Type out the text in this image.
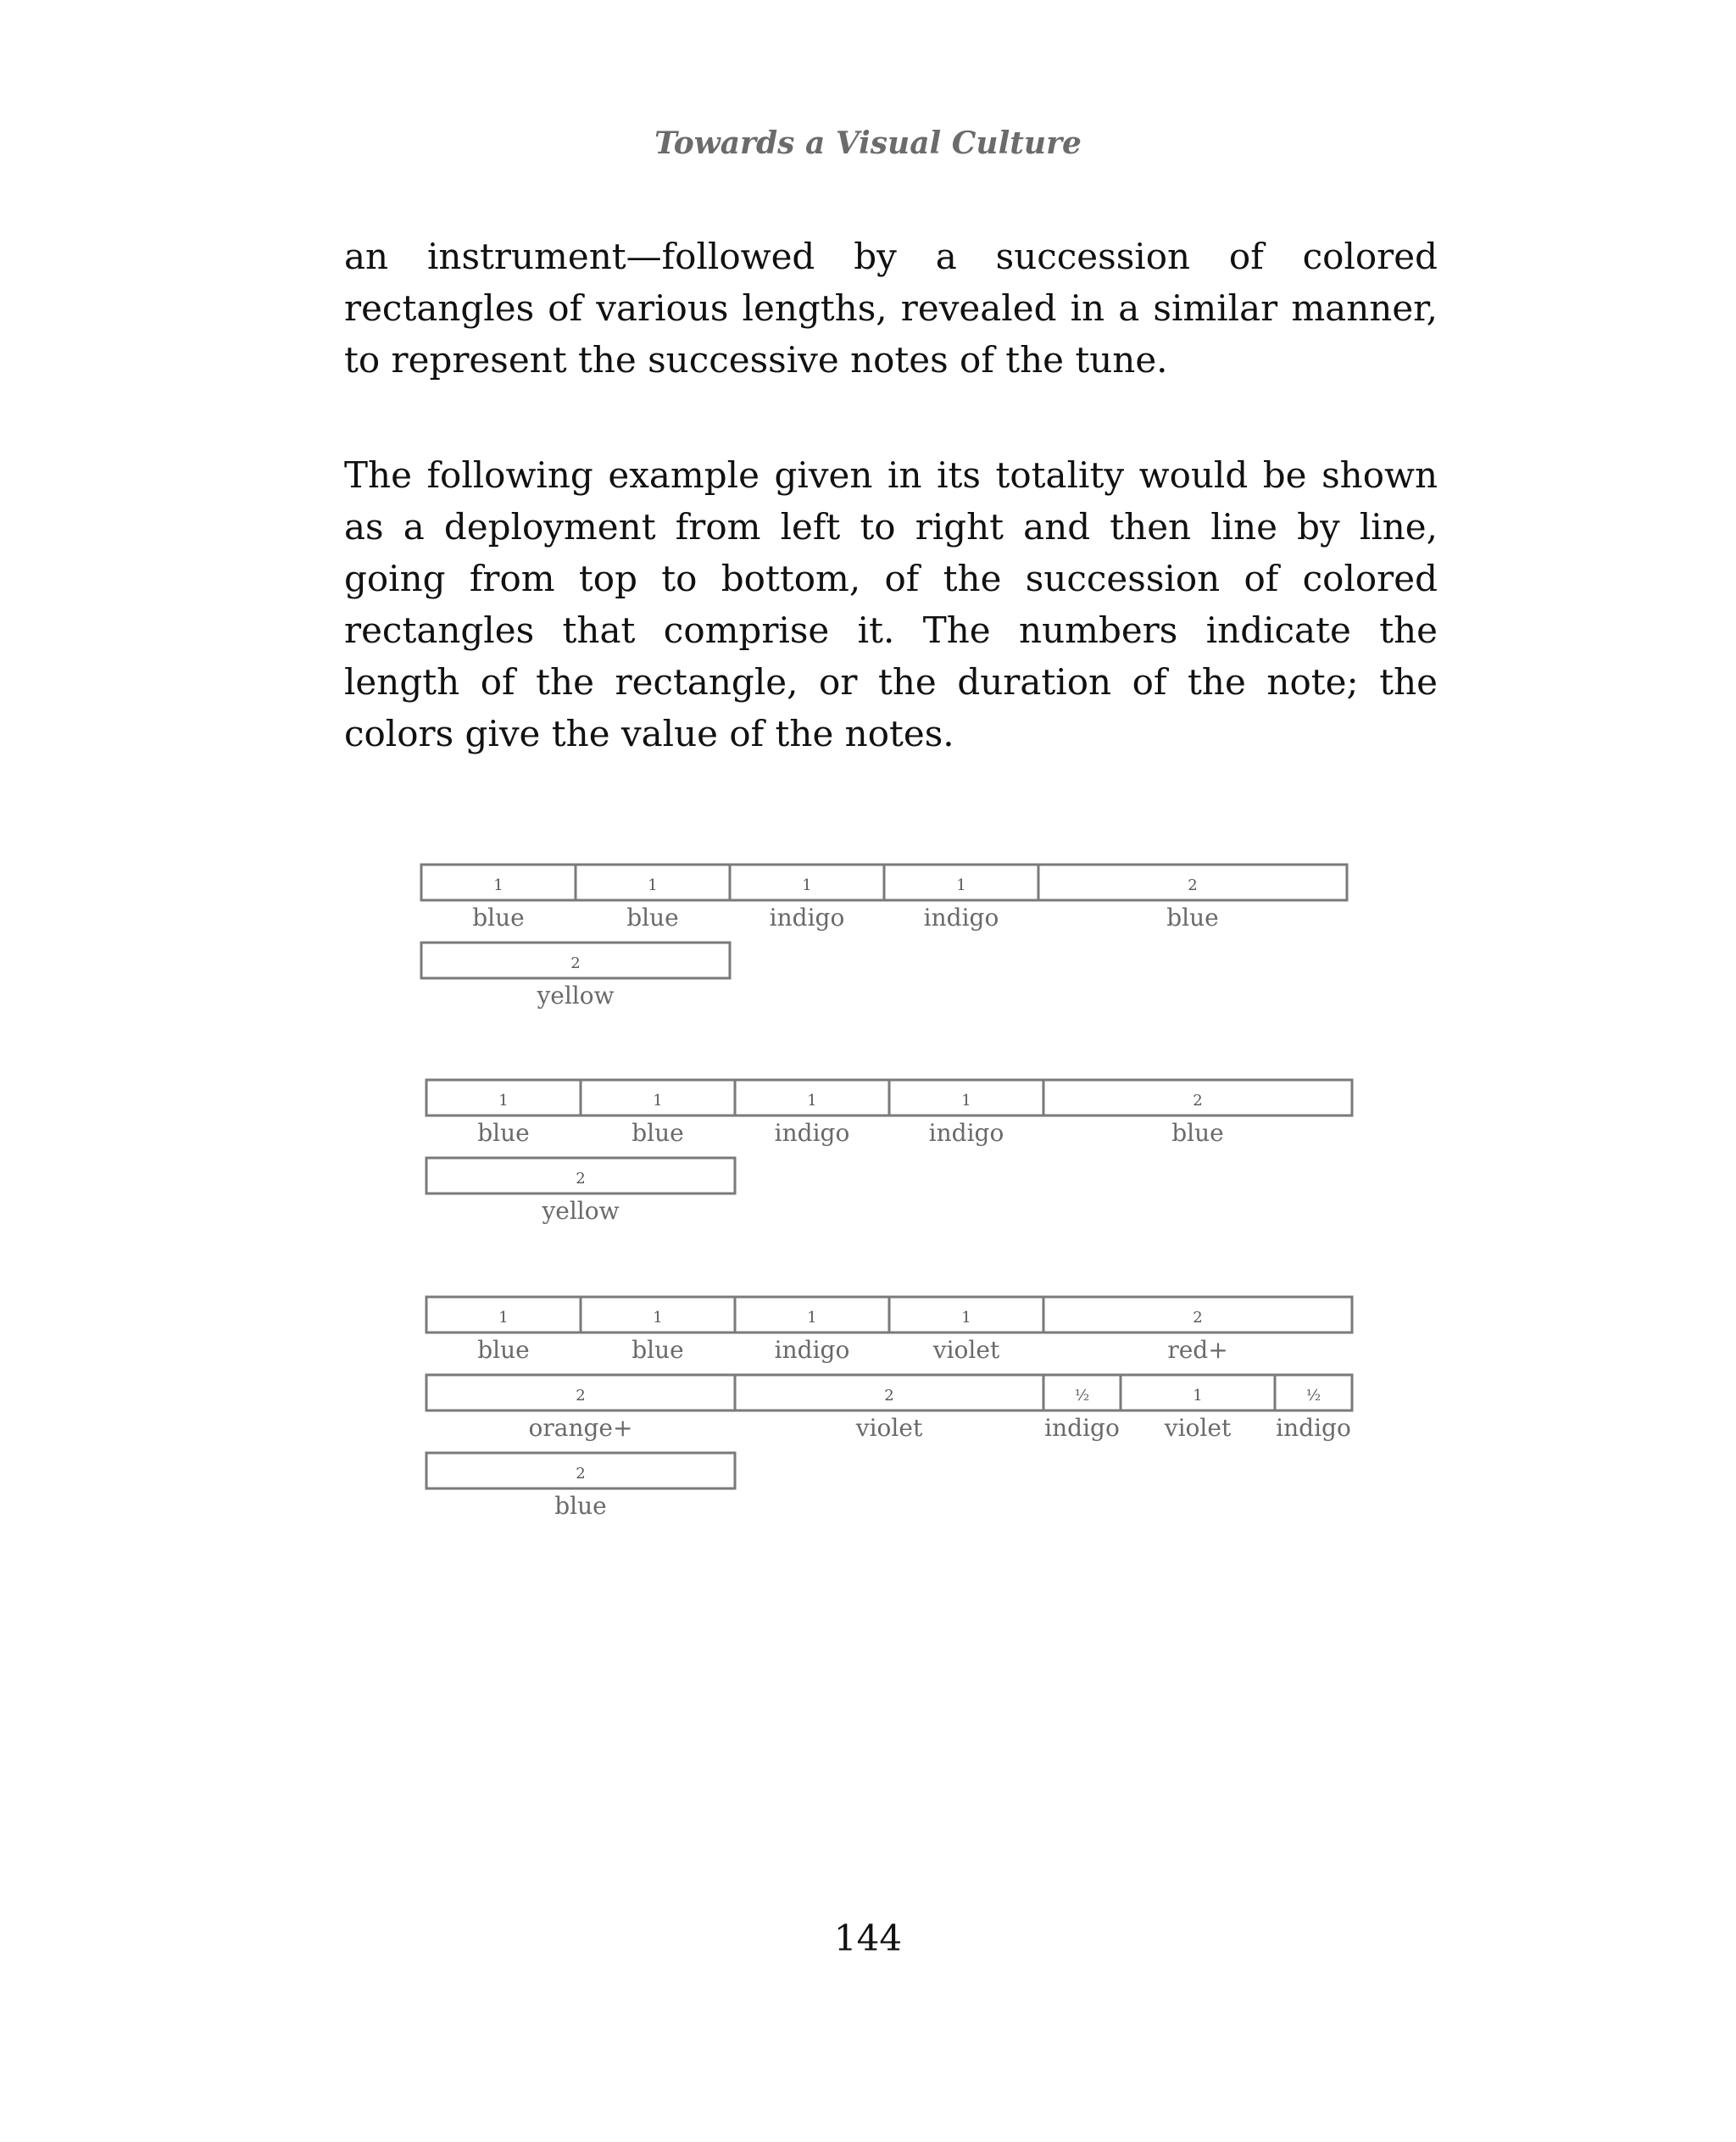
Towards a Visual Culture

an instrument—followed by a succession of colored rectangles of various lengths, revealed in a similar manner, to represent the successive notes of the tune.

The following example given in its totality would be shown as a deployment from left to right and then line by line, going from top to bottom, of the succession of colored rectangles that comprise it. The numbers indicate the length of the rectangle, or the duration of the note; the colors give the value of the notes.

1
blue
1
blue
1
indigo
1
indigo
2
blue
2
yellow
1
blue
1
blue
1
indigo
1
indigo
2
blue
2
yellow
1
blue
1
blue
1
indigo
1
violet
2
red+
2
orange+
2
violet
½
indigo
1
violet
½
indigo
2
blue
144
